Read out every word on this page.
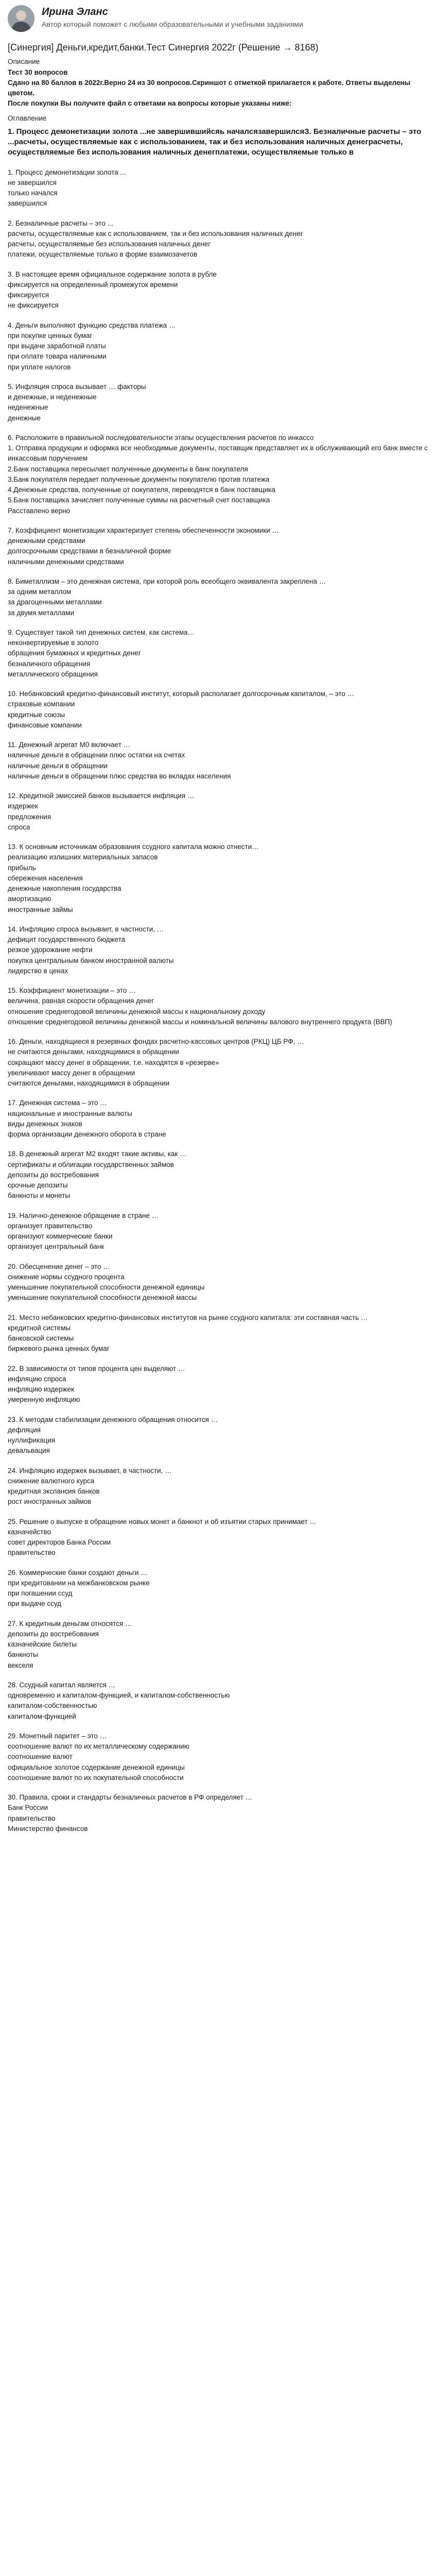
Ирина Эланс
Автор который поможет с любыми образовательными и учебными заданиями
[Синергия] Деньги,кредит,банки.Тест Синергия 2022г (Решение → 8168)

Описание

Тест 30 вопросов

Сдано на 80 баллов в 2022г.Верно 24 из 30 вопросов.Скриншот с отметкой прилагается к работе. Ответы выделены цветом.

После покупки Вы получите файл с ответами на вопросы которые указаны ниже:

Оглавление

1. Процесс демонетизации золота ...не завершившийсяь началсязавершилсяЗ. Безналичные расчеты – это ...расчеты, осуществляемые как с использованием, так и без использования наличных денеграсчеты, осуществляемые без использования наличных денегплатежи, осуществляемые только в

1. Процесс демонетизации золота ...

не завершился

только начался

завершился

2. Безналичные расчеты – это ...

расчеты, осуществляемые как с использованием, так и без использования наличных денег

расчеты, осуществляемые без использования наличных денег

платежи, осуществляемые только в форме взаимозачетов

3. В настоящее время официальное содержание золота в рубле

фиксируется на определенный промежуток времени

фиксируется

не фиксируется

4. Деньги выполняют функцию средства платежа …

при покупке ценных бумаг

при выдаче заработной платы

при оплате товара наличными

при уплате налогов

5. Инфляция спроса вызывает … факторы

и денежные, и неденежные

неденежные

денежные

6. Расположите в правильной последовательности этапы осуществления расчетов по инкассо

1. Отправка продукции и оформка все необходимые документы, поставщик представляет их в обслуживающий его банк вместе с инкассовым поручением

2.Банк поставщика пересылает полученные документы в банк покупателя

3.Банк покупателя передает полученные документы покупателю против платежа

4.Денежные средства, полученные от покупателя, переводятся в банк поставщика

5.Банк поставщика зачисляет полученные суммы на расчетный счет поставщика

Расставлено верно

7. Коэффициент монетизации характеризует степень обеспеченности экономики …

денежными средствами

долгосрочными средствами в безналичной форме

наличными денежными средствами

8. Биметаллизм – это денежная система, при которой роль всеобщего эквивалента закреплена …

за одним металлом

за драгоценными металлами

за двумя металлами

9. Существует такой тип денежных систем, как система…

неконвертируемые в золото

обращения бумажных и кредитных денег

безналичного обращения

металлического обращения

10. Небанковский кредитно-финансовый институт, который располагает долгосрочным капиталом, – это …

страховые компании

кредитные союзы

финансовые компании

11. Денежный агрегат М0 включает …

наличные деньги в обращении плюс остатки на счетах

наличные деньги в обращении

наличные деньги в обращении плюс средства во вкладах населения

12. Кредитной эмиссией банков вызывается инфляция …

издержек

предложения

спроса

13. К основным источникам образования ссудного капитала можно отнести…

реализацию излишних материальных запасов

прибыль

сбережения населения

денежные накопления государства

амортизацию

иностранные займы

14. Инфляцию спроса вызывает, в частности, …

дефицит государственного бюджета

резкое удорожание нефти

покупка центральным банком иностранной валюты

лидерство в ценах

15. Коэффициент монетизации – это …

величина, равная скорости обращения денег

отношение среднегодовой величины денежной массы к национальному доходу

отношение среднегодовой величины денежной массы и номинальной величины валового внутреннего продукта (ВВП)

16. Деньги, находящиеся в резервных фондах расчетно-кассовых центров (РКЦ) ЦБ РФ, …

не считаются деньгами, находящимися в обращении

сокращают массу денег в обращении, т.е. находятся в «резерве»

увеличивают массу денег в обращении

считаются деньгами, находящимися в обращении

17. Денежная система – это …

национальные и иностранные валюты

виды денежных знаков

форма организации денежного оборота в стране

18. В денежный агрегат М2 входят такие активы, как …

сертификаты и облигации государственных займов

депозиты до востребования

срочные депозиты

банкноты и монеты

19. Наличнo-денежное обращение в стране …

организует правительство

организуют коммерческие банки

организует центральный банк

20. Обесценение денег – это …

снижение нормы ссудного процента

уменьшение покупательной способности денежной единицы

уменьшение покупательной способности денежной массы

21. Место небанковских кредитно-финансовых институтов на рынке ссудного капитала: эти составная часть …

кредитной системы

банковской системы

биржевого рынка ценных бумаг

22. В зависимости от типов процента цен выделяют …

инфляцию спроса

инфляцию издержек

умеренную инфляцию

23. К методам стабилизации денежного обращения относится …

дефляция

нуллификация

девальвация

24. Инфляцию издержек вызывает, в частности, …

снижение валютного курса

кредитная экспансия банков

рост иностранных займов

25. Решение о выпуске в обращение новых монет и банкнот и об изъятии старых принимает …

казначейство

совет директоров Банка России

правительство

26. Коммерческие банки создают деньги …

при кредитовании на межбанковском рынке

при погашении ссуд

при выдаче ссуд

27. К кредитным деньгам относятся …

депозиты до востребования

казначейские билеты

банкноты

векселя

28. Ссудный капитал является …

одновременно и капиталом-функцией, и капиталом-собственностью

капиталом-собственностью

капиталом-функцией

29. Монетный паритет – это …

соотношение валют по их металлическому содержанию

соотношение валют

официальное золотое содержание денежной единицы

соотношение валют по их покупательной способности

30. Правила, сроки и стандарты безналичных расчетов в РФ определяет …

Банк России

правительство

Министерство финансов
